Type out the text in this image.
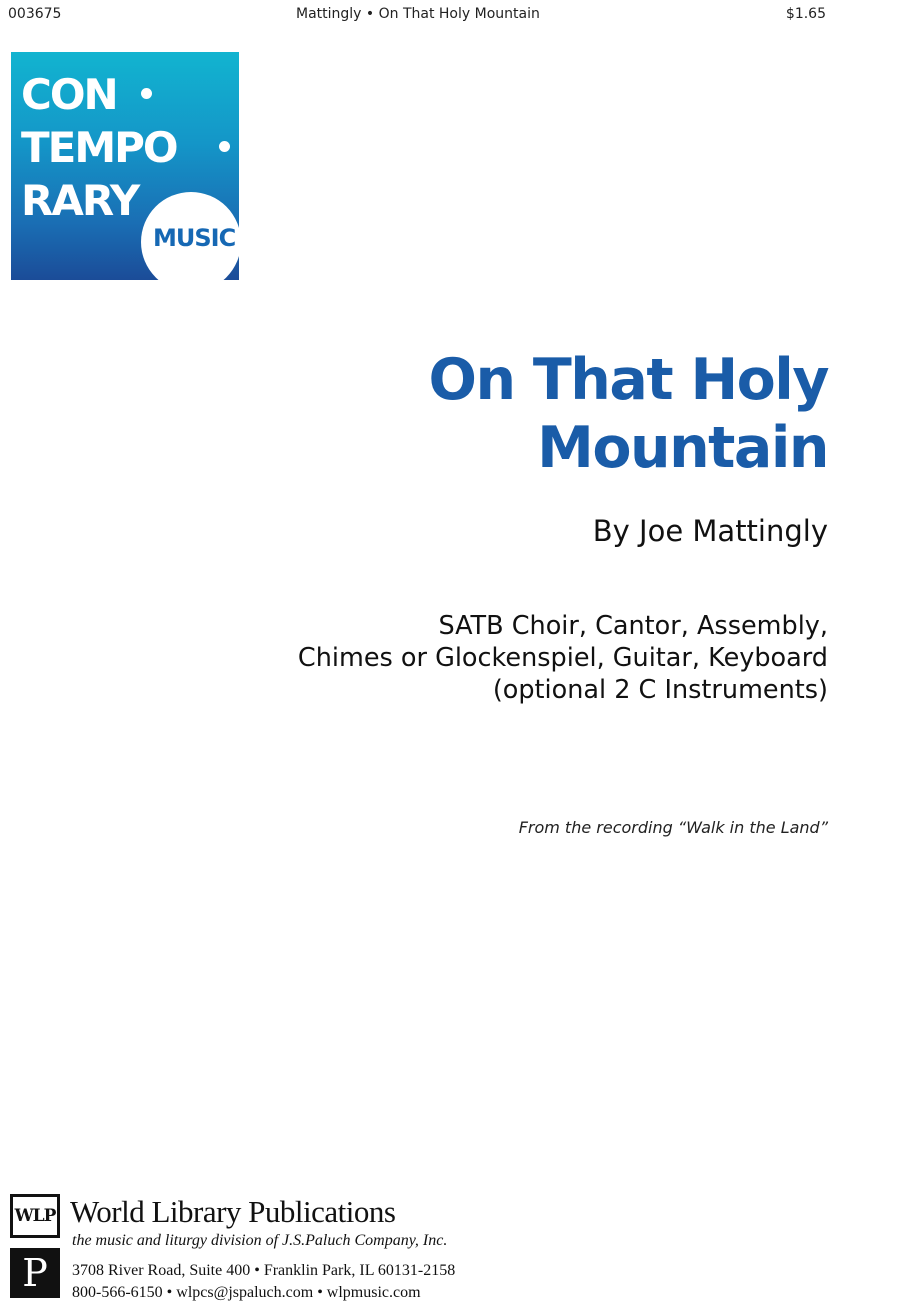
003675	Mattingly • On That Holy Mountain	$1.65
CON
TEMPO
RARY
MUSIC
On That Holy
Mountain
By Joe Mattingly
SATB Choir, Cantor, Assembly,
Chimes or Glockenspiel, Guitar, Keyboard
(optional 2 C Instruments)
From the recording “Walk in the Land”
WLP
P
World Library Publications
the music and liturgy division of J.S.Paluch Company, Inc.
3708 River Road, Suite 400 • Franklin Park, IL 60131-2158
800-566-6150 • wlpcs@jspaluch.com • wlpmusic.com
